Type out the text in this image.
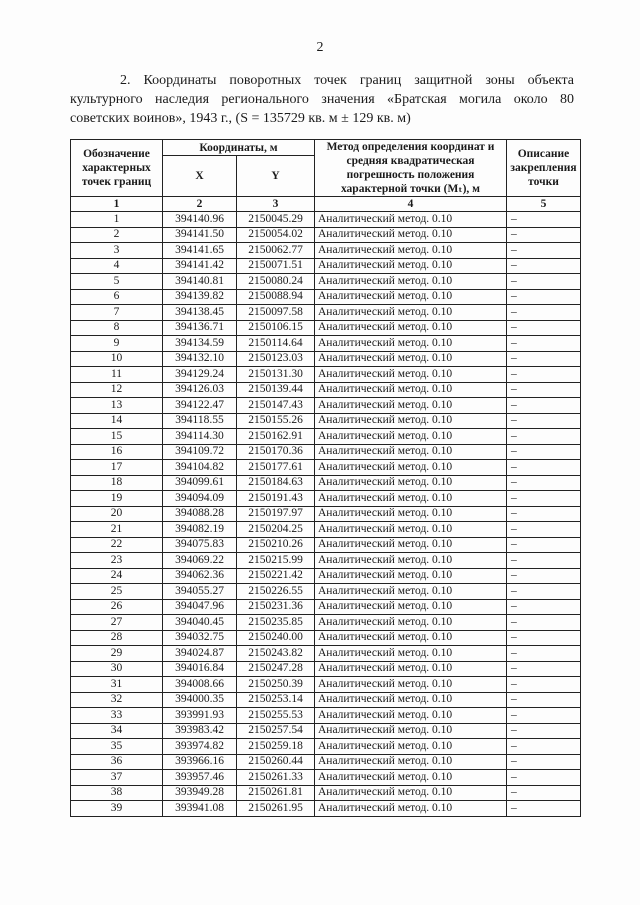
2
2. Координаты поворотных точек границ защитной зоны объекта
культурного наследия регионального значения «Братская могила около 80
советских воинов», 1943 г., (S = 135729 кв. м ± 129 кв. м)
Обозначение характерных точек границ	Координаты, м		Метод определения координат и средняя квадратическая погрешность положения характерной точки (Mₜ), м	Описание закрепления точки
	X	Y		
1	2	3	4	5
1	394140.96	2150045.29	Аналитический метод. 0.10	–
2	394141.50	2150054.02	Аналитический метод. 0.10	–
3	394141.65	2150062.77	Аналитический метод. 0.10	–
4	394141.42	2150071.51	Аналитический метод. 0.10	–
5	394140.81	2150080.24	Аналитический метод. 0.10	–
6	394139.82	2150088.94	Аналитический метод. 0.10	–
7	394138.45	2150097.58	Аналитический метод. 0.10	–
8	394136.71	2150106.15	Аналитический метод. 0.10	–
9	394134.59	2150114.64	Аналитический метод. 0.10	–
10	394132.10	2150123.03	Аналитический метод. 0.10	–
11	394129.24	2150131.30	Аналитический метод. 0.10	–
12	394126.03	2150139.44	Аналитический метод. 0.10	–
13	394122.47	2150147.43	Аналитический метод. 0.10	–
14	394118.55	2150155.26	Аналитический метод. 0.10	–
15	394114.30	2150162.91	Аналитический метод. 0.10	–
16	394109.72	2150170.36	Аналитический метод. 0.10	–
17	394104.82	2150177.61	Аналитический метод. 0.10	–
18	394099.61	2150184.63	Аналитический метод. 0.10	–
19	394094.09	2150191.43	Аналитический метод. 0.10	–
20	394088.28	2150197.97	Аналитический метод. 0.10	–
21	394082.19	2150204.25	Аналитический метод. 0.10	–
22	394075.83	2150210.26	Аналитический метод. 0.10	–
23	394069.22	2150215.99	Аналитический метод. 0.10	–
24	394062.36	2150221.42	Аналитический метод. 0.10	–
25	394055.27	2150226.55	Аналитический метод. 0.10	–
26	394047.96	2150231.36	Аналитический метод. 0.10	–
27	394040.45	2150235.85	Аналитический метод. 0.10	–
28	394032.75	2150240.00	Аналитический метод. 0.10	–
29	394024.87	2150243.82	Аналитический метод. 0.10	–
30	394016.84	2150247.28	Аналитический метод. 0.10	–
31	394008.66	2150250.39	Аналитический метод. 0.10	–
32	394000.35	2150253.14	Аналитический метод. 0.10	–
33	393991.93	2150255.53	Аналитический метод. 0.10	–
34	393983.42	2150257.54	Аналитический метод. 0.10	–
35	393974.82	2150259.18	Аналитический метод. 0.10	–
36	393966.16	2150260.44	Аналитический метод. 0.10	–
37	393957.46	2150261.33	Аналитический метод. 0.10	–
38	393949.28	2150261.81	Аналитический метод. 0.10	–
39	393941.08	2150261.95	Аналитический метод. 0.10	–
